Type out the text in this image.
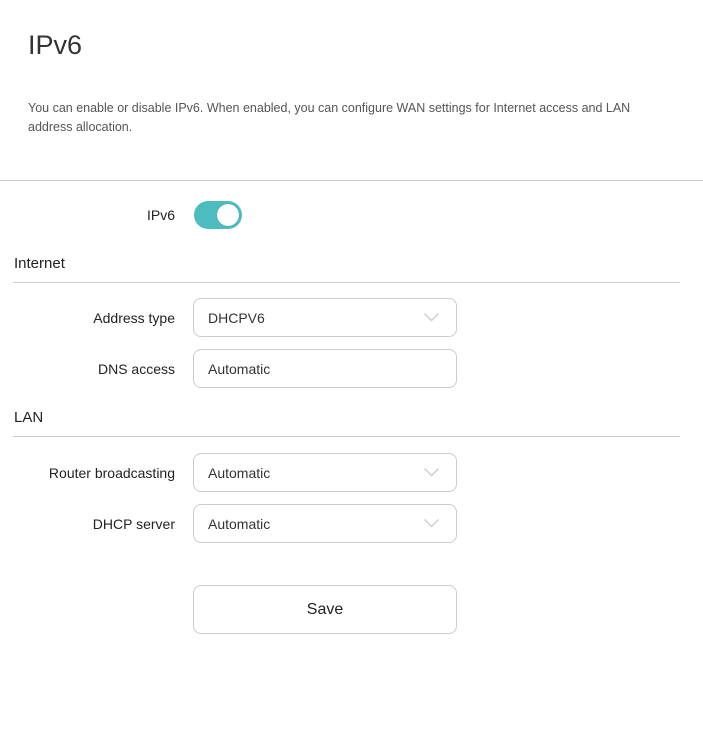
IPv6

You can enable or disable IPv6. When enabled, you can configure WAN settings for Internet access and LAN address allocation.

IPv6
Internet
Address type DHCPV6
DNS access Automatic
LAN
Router broadcasting Automatic
DHCP server Automatic
Save
